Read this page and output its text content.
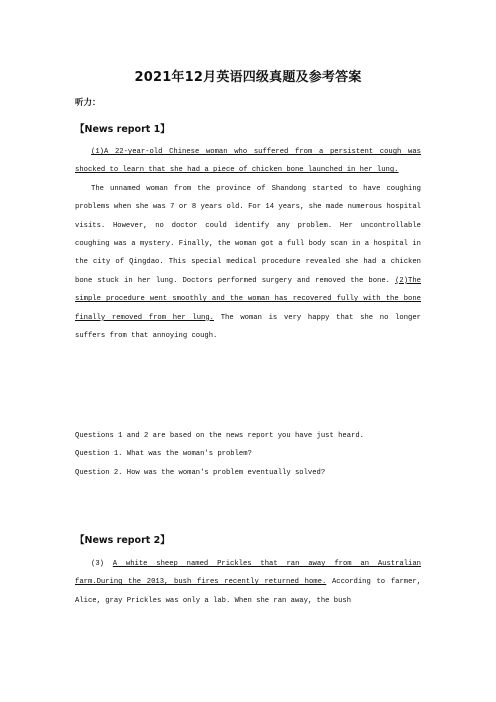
2021年12月英语四级真题及参考答案
听力：
【News report 1】

(1)A 22-year-old Chinese woman who suffered from a persistent cough was shocked to learn that she had a piece of chicken bone launched in her lung.

The unnamed woman from the province of Shandong started to have coughing problems when she was 7 or 8 years old. For 14 years, she made numerous hospital visits. However, no doctor could identify any problem. Her uncontrollable coughing was a mystery. Finally, the woman got a full body scan in a hospital in the city of Qingdao. This special medical procedure revealed she had a chicken bone stuck in her lung. Doctors performed surgery and removed the bone. (2)The simple procedure went smoothly and the woman has recovered fully with the bone finally removed from her lung. The woman is very happy that she no longer suffers from that annoying cough.

Questions 1 and 2 are based on the news report you have just heard.

Question 1. What was the woman's problem?

Question 2. How was the woman's problem eventually solved?

【News report 2】

(3) A white sheep named Prickles that ran away from an Australian farm.During the 2013, bush fires recently returned home. According to farmer, Alice, gray Prickles was only a lab. When she ran away, the bush
